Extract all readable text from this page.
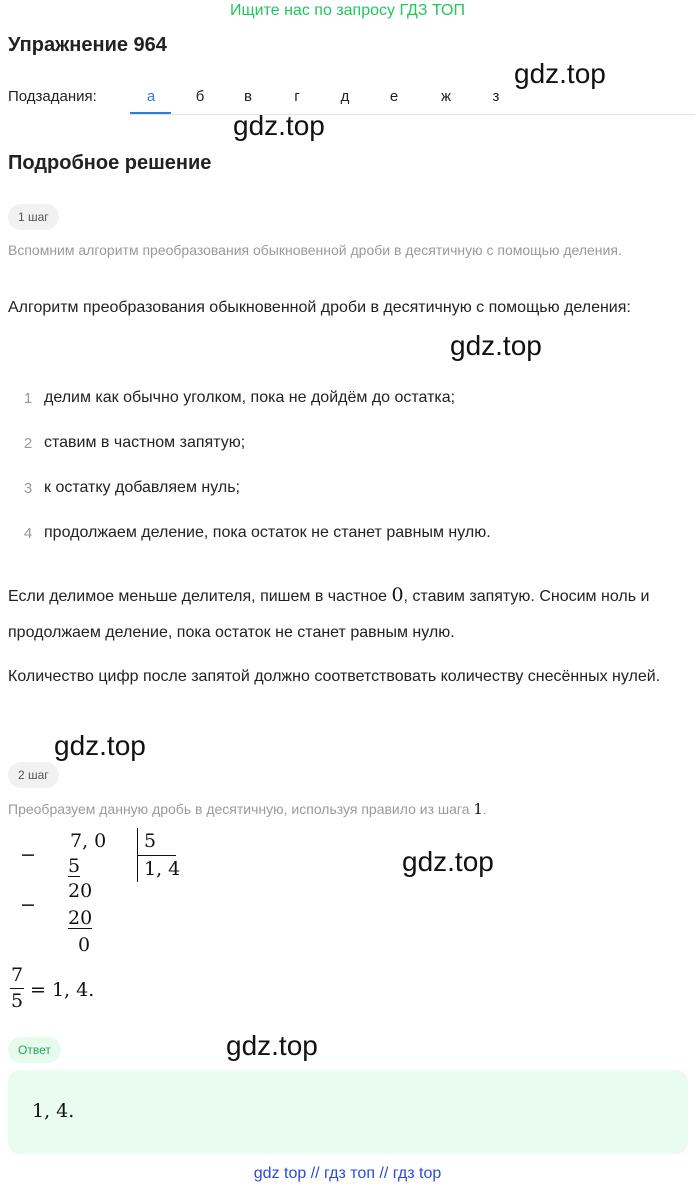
Ищите нас по запросу ГДЗ ТОП
Упражнение 964
Подзадания:	а	б	в	г	д	е	ж	з
gdz.top
gdz.top
Подробное решение
1 шаг
Вспомним алгоритм преобразования обыкновенной дроби в десятичную с помощью деления.
Алгоритм преобразования обыкновенной дроби в десятичную с помощью деления:
gdz.top
1 делим как обычно уголком, пока не дойдём до остатка;
2 ставим в частном запятую;
3 к остатку добавляем нуль;
4 продолжаем деление, пока остаток не станет равным нулю.
Если делимое меньше делителя, пишем в частное 0, ставим запятую. Сносим ноль и продолжаем деление, пока остаток не станет равным нулю.
Количество цифр после запятой должно соответствовать количеству снесённых нулей.
gdz.top
2 шаг
Преобразуем данную дробь в десятичную, используя правило из шага 1.
−
7, 0
5
5
1, 4
−
20
20
0
gdz.top
7
5 = 1, 4.
Ответ	gdz.top
1, 4.
gdz top // гдз топ // гдз top
